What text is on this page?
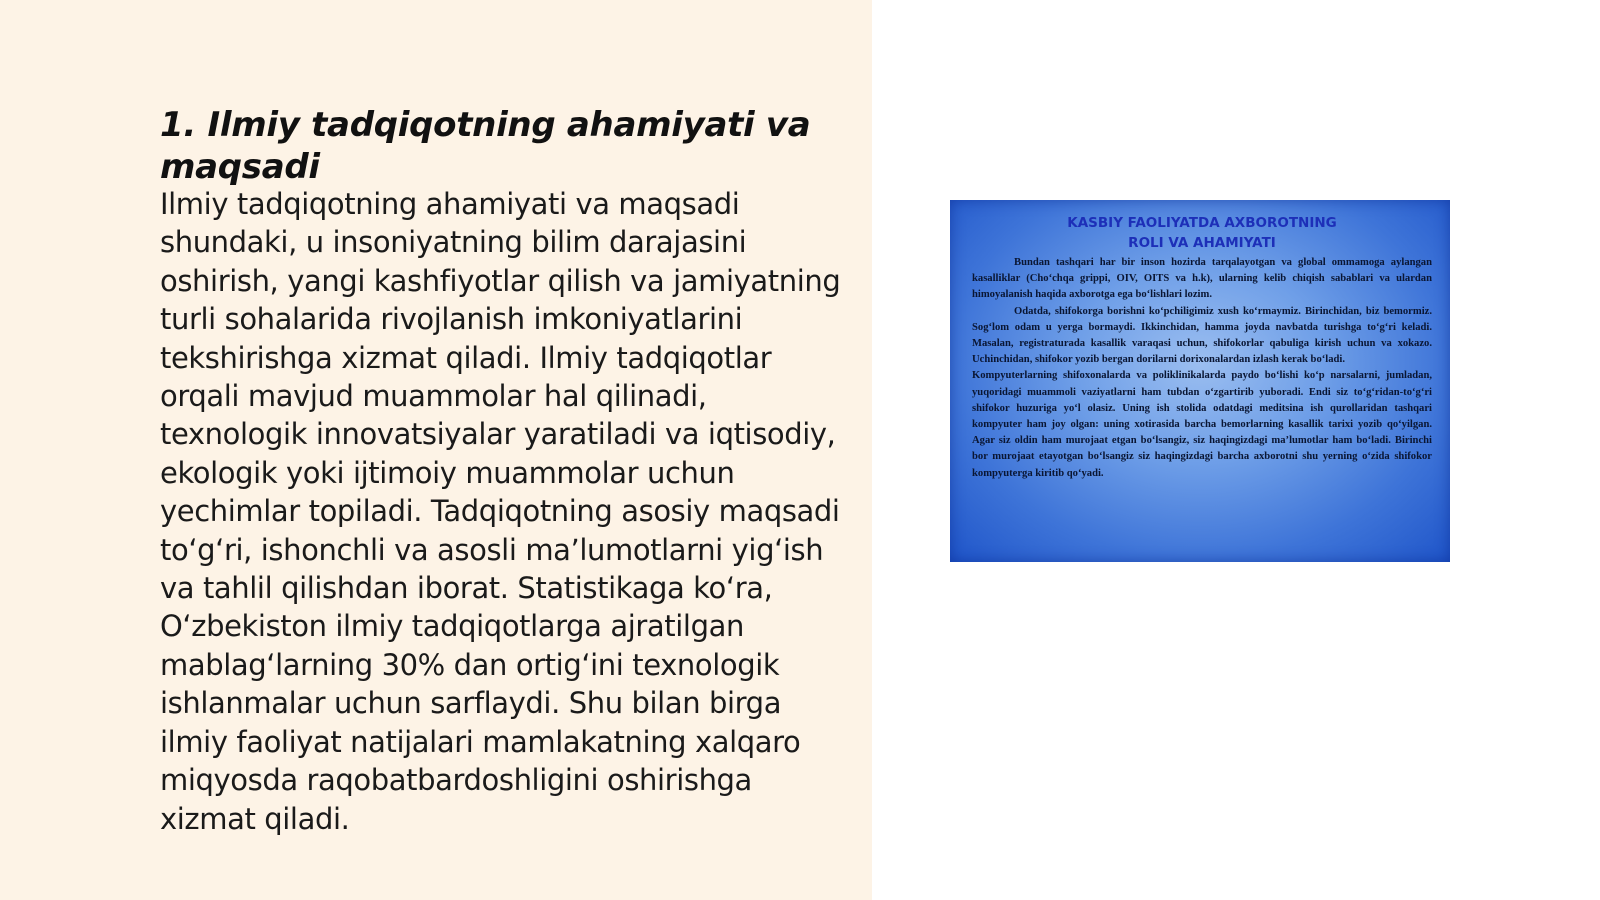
1. Ilmiy tadqiqotning ahamiyati va maqsadi

Ilmiy tadqiqotning ahamiyati va maqsadi shundaki, u insoniyatning bilim darajasini oshirish, yangi kashfiyotlar qilish va jamiyatning turli sohalarida rivojlanish imkoniyatlarini tekshirishga xizmat qiladi. Ilmiy tadqiqotlar orqali mavjud muammolar hal qilinadi, texnologik innovatsiyalar yaratiladi va iqtisodiy, ekologik yoki ijtimoiy muammolar uchun yechimlar topiladi. Tadqiqotning asosiy maqsadi toʻgʻri, ishonchli va asosli maʼlumotlarni yigʻish va tahlil qilishdan iborat. Statistikaga koʻra, Oʻzbekiston ilmiy tadqiqotlarga ajratilgan mablagʻlarning 30% dan ortigʻini texnologik ishlanmalar uchun sarflaydi. Shu bilan birga ilmiy faoliyat natijalari mamlakatning xalqaro miqyosda raqobatbardoshligini oshirishga xizmat qiladi.

KASBIY FAOLIYATDA AXBOROTNING
ROLI VA AHAMIYATI

Bundan tashqari har bir inson hozirda tarqalayotgan va global ommamoga aylangan kasalliklar (Choʻchqa grippi, OIV, OITS va h.k), ularning kelib chiqish sabablari va ulardan himoyalanish haqida axborotga ega boʻlishlari lozim.

Odatda, shifokorga borishni koʻpchiligimiz xush koʻrmaymiz. Birinchidan, biz bemormiz. Sogʻlom odam u yerga bormaydi. Ikkinchidan, hamma joyda navbatda turishga toʻgʻri keladi. Masalan, registraturada kasallik varaqasi uchun, shifokorlar qabuliga kirish uchun va xokazo. Uchinchidan, shifokor yozib bergan dorilarni dorixonalardan izlash kerak boʻladi.

Kompyuterlarning shifoxonalarda va poliklinikalarda paydo boʻlishi koʻp narsalarni, jumladan, yuqoridagi muammoli vaziyatlarni ham tubdan oʻzgartirib yuboradi. Endi siz toʻgʻridan-toʻgʻri shifokor huzuriga yoʻl olasiz. Uning ish stolida odatdagi meditsina ish qurollaridan tashqari kompyuter ham joy olgan: uning xotirasida barcha bemorlarning kasallik tarixi yozib qoʻyilgan. Agar siz oldin ham murojaat etgan boʻlsangiz, siz haqingizdagi maʼlumotlar ham boʻladi. Birinchi bor murojaat etayotgan boʻlsangiz siz haqingizdagi barcha axborotni shu yerning oʻzida shifokor kompyuterga kiritib qoʻyadi.
